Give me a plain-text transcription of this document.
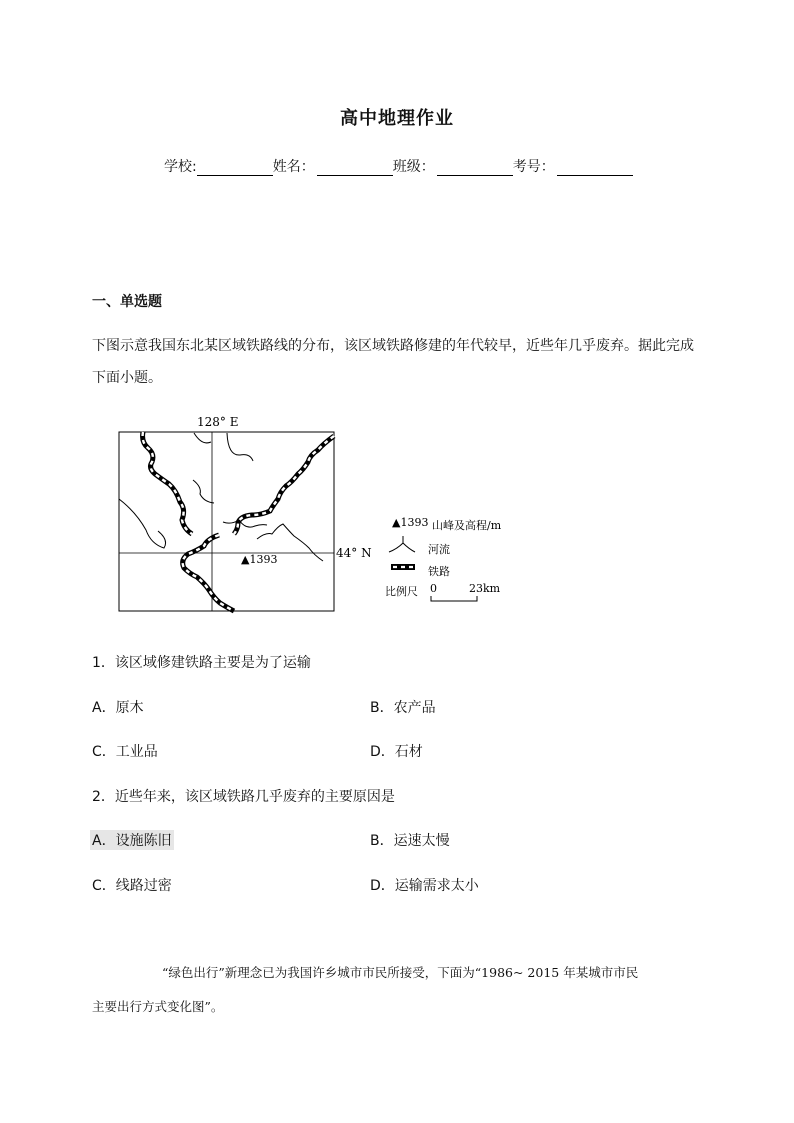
高中地理作业
学校:	姓名：	班级：	考号：
一、单选题
下图示意我国东北某区域铁路线的分布，该区域铁路修建的年代较早，近些年几乎废弃。据此完成
下面小题。
128° E
44° N
▲1393
▲1393 山峰及高程/m
河流
铁路
比例尺 0	23km
1．该区域修建铁路主要是为了运输
A．原木	B．农产品
C．工业品	D．石材
2．近些年来，该区域铁路几乎废弃的主要原因是
A．设施陈旧	B．运速太慢
C．线路过密	D．运输需求太小
“绿色出行”新理念已为我国许乡城市市民所接受，下面为“1986~ 2015 年某城市市民
主要出行方式变化图”。
